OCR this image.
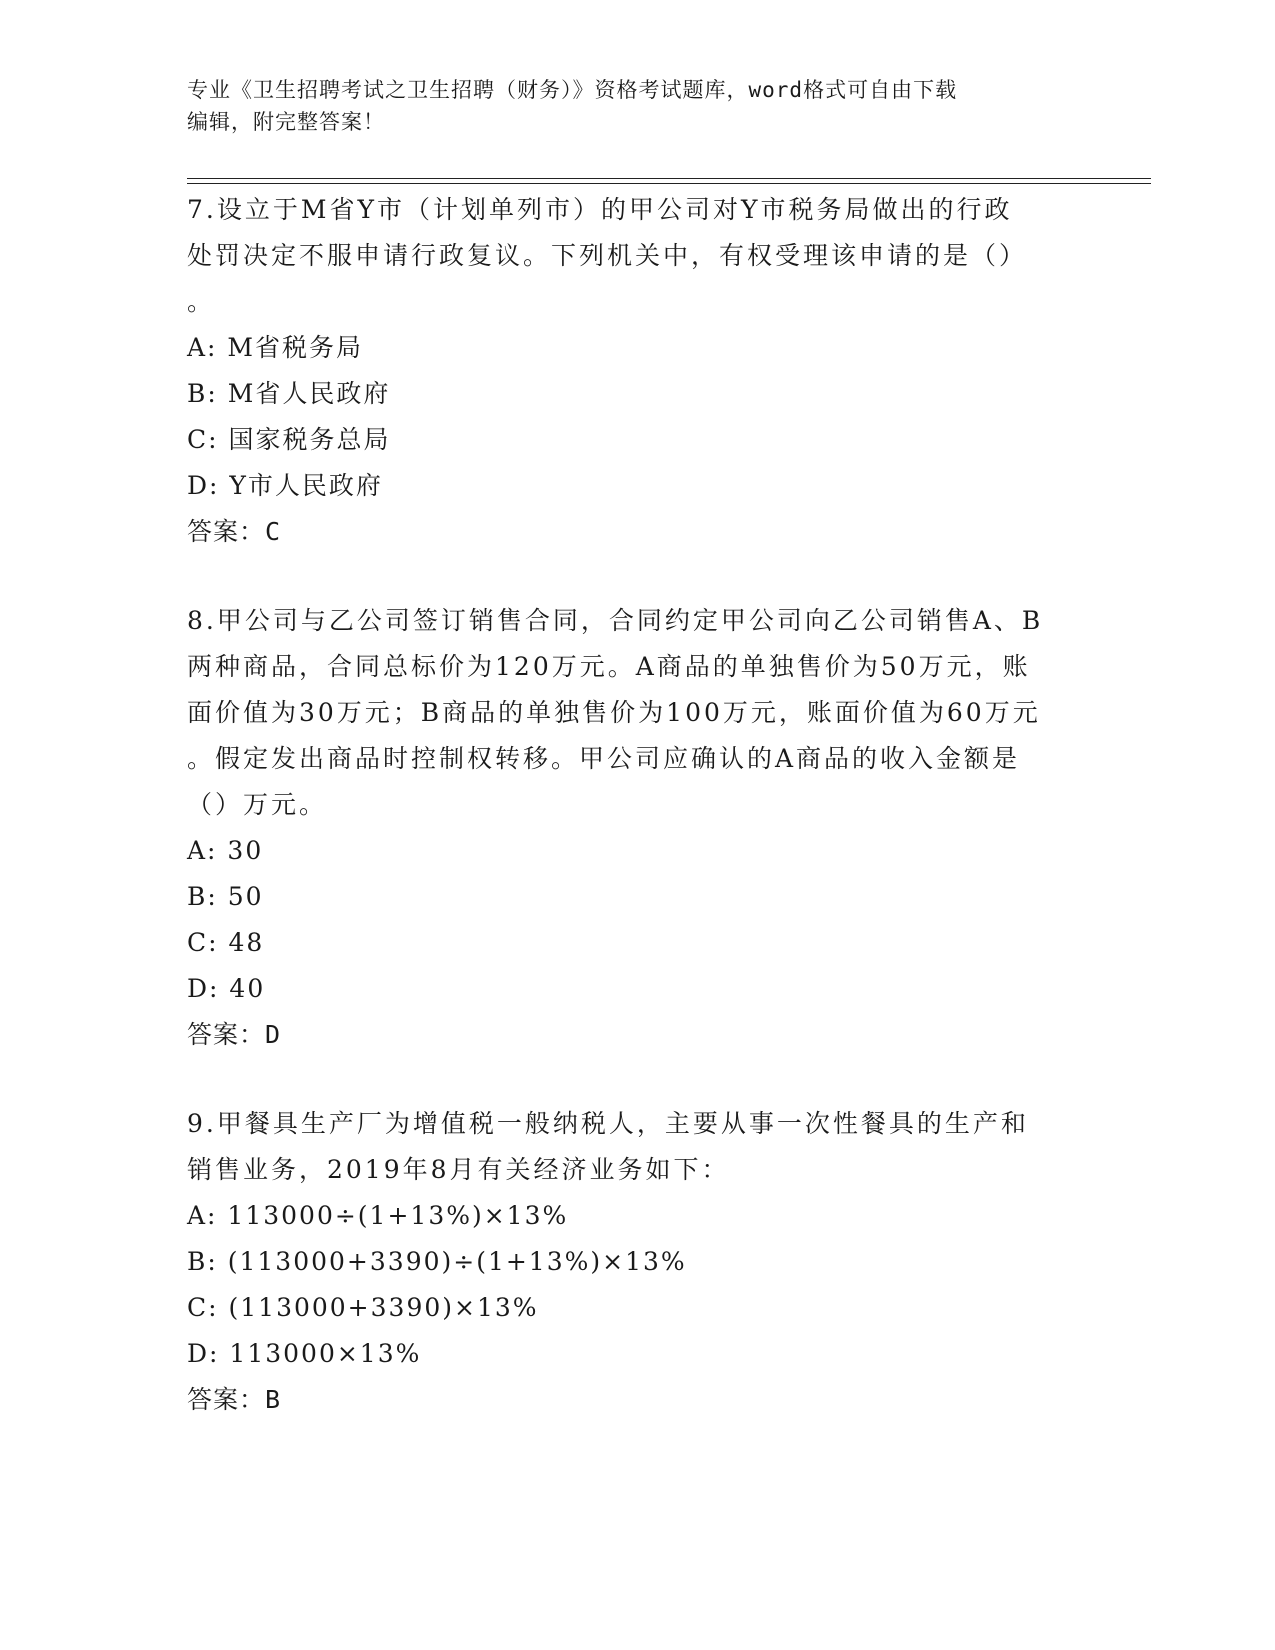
专业《卫生招聘考试之卫生招聘（财务）》资格考试题库，word格式可自由下载
编辑，附完整答案！
7.设立于M省Y市（计划单列市）的甲公司对Y市税务局做出的行政
处罚决定不服申请行政复议。下列机关中，有权受理该申请的是（）
。
A: M省税务局
B: M省人民政府
C: 国家税务总局
D: Y市人民政府
答案：C
8.甲公司与乙公司签订销售合同，合同约定甲公司向乙公司销售A、B
两种商品，合同总标价为120万元。A商品的单独售价为50万元，账
面价值为30万元；B商品的单独售价为100万元，账面价值为60万元
。假定发出商品时控制权转移。甲公司应确认的A商品的收入金额是
（）万元。
A: 30
B: 50
C: 48
D: 40
答案：D
9.甲餐具生产厂为增值税一般纳税人，主要从事一次性餐具的生产和
销售业务，2019年8月有关经济业务如下：
A: 113000÷(1+13%)×13%
B: (113000+3390)÷(1+13%)×13%
C: (113000+3390)×13%
D: 113000×13%
答案：B
